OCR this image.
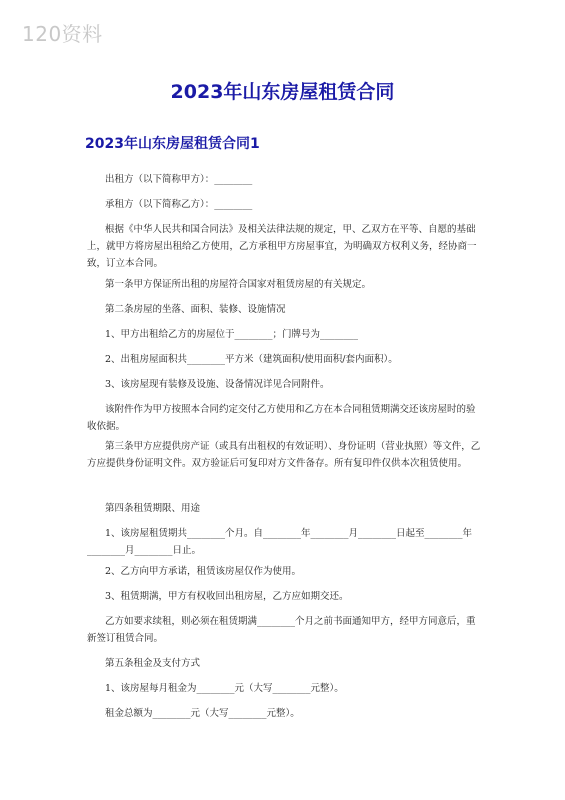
120资料
2023年山东房屋租赁合同
2023年山东房屋租赁合同1

出租方（以下简称甲方）：________

承租方（以下简称乙方）：________

根据《中华人民共和国合同法》及相关法律法规的规定，甲、乙双方在平等、自愿的基础上，就甲方将房屋出租给乙方使用，乙方承租甲方房屋事宜，为明确双方权利义务，经协商一致，订立本合同。

第一条甲方保证所出租的房屋符合国家对租赁房屋的有关规定。

第二条房屋的坐落、面积、装修、设施情况

1、甲方出租给乙方的房屋位于________；门牌号为________

2、出租房屋面积共________平方米（建筑面积/使用面积/套内面积）。

3、该房屋现有装修及设施、设备情况详见合同附件。

该附件作为甲方按照本合同约定交付乙方使用和乙方在本合同租赁期满交还该房屋时的验收依据。

第三条甲方应提供房产证（或具有出租权的有效证明）、身份证明（营业执照）等文件，乙方应提供身份证明文件。双方验证后可复印对方文件备存。所有复印件仅供本次租赁使用。

第四条租赁期限、用途

1、该房屋租赁期共________个月。自________年________月________日起至________年________月________日止。

2、乙方向甲方承诺，租赁该房屋仅作为使用。

3、租赁期满，甲方有权收回出租房屋，乙方应如期交还。

乙方如要求续租，则必须在租赁期满________个月之前书面通知甲方，经甲方同意后，重新签订租赁合同。

第五条租金及支付方式

1、该房屋每月租金为________元（大写________元整）。

租金总额为________元（大写________元整）。
